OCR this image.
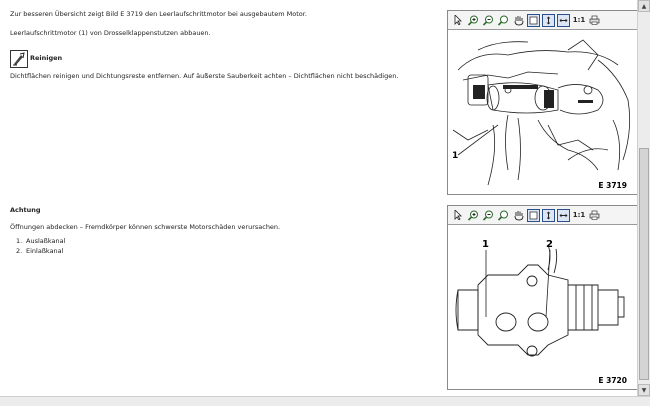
Zur besseren Übersicht zeigt Bild E 3719 den Leerlaufschrittmotor bei ausgebautem Motor.
Leerlaufschrittmotor (1) von Drosselklappenstutzen abbauen.
Reinigen
Dichtflächen reinigen und Dichtungsreste entfernen. Auf äußerste Sauberkeit achten – Dichtflächen nicht beschädigen.
Achtung
Öffnungen abdecken – Fremdkörper können schwerste Motorschäden verursachen.
1. Auslaßkanal
2. Einlaßkanal
1:1
1
E 3719
1:1
1	2
E 3720
▲
▼
